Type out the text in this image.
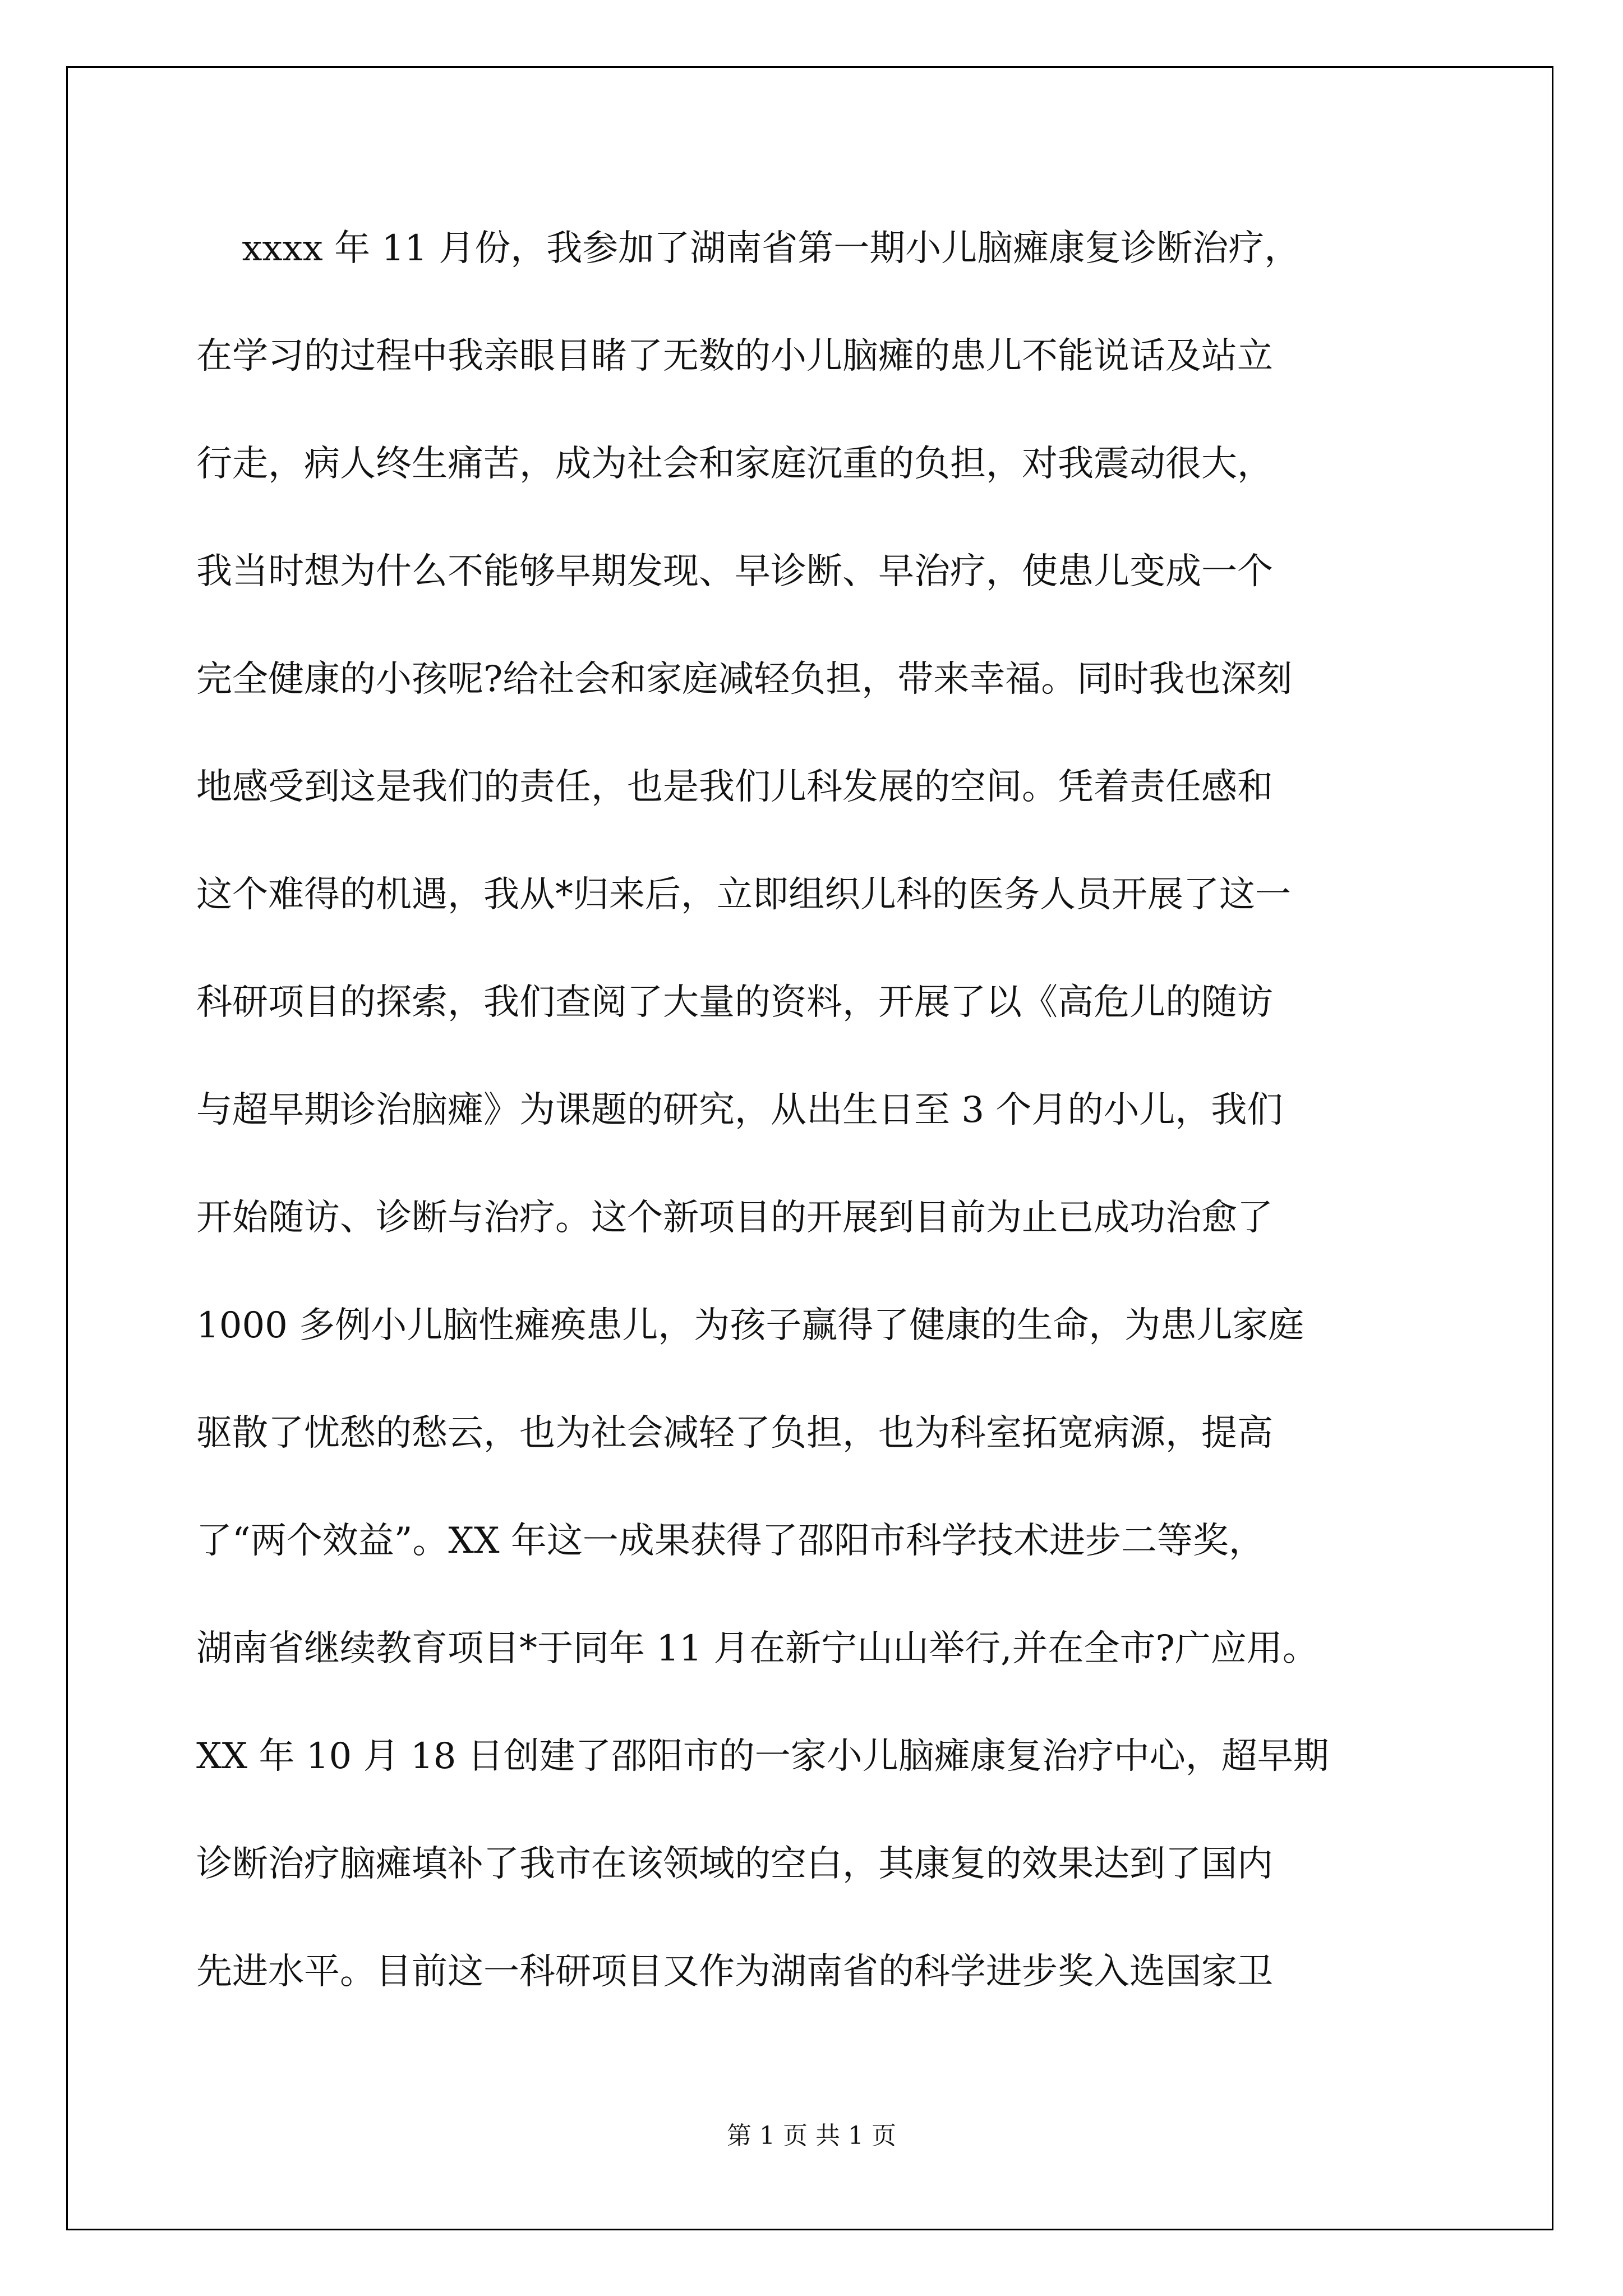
xxxx 年 11 月份，我参加了湖南省第一期小儿脑瘫康复诊断治疗，
在学习的过程中我亲眼目睹了无数的小儿脑瘫的患儿不能说话及站立
行走，病人终生痛苦，成为社会和家庭沉重的负担，对我震动很大，
我当时想为什么不能够早期发现、早诊断、早治疗，使患儿变成一个
完全健康的小孩呢?给社会和家庭减轻负担，带来幸福。同时我也深刻
地感受到这是我们的责任，也是我们儿科发展的空间。凭着责任感和
这个难得的机遇，我从*归来后，立即组织儿科的医务人员开展了这一
科研项目的探索，我们查阅了大量的资料，开展了以《高危儿的随访
与超早期诊治脑瘫》为课题的研究，从出生日至 3 个月的小儿，我们
开始随访、诊断与治疗。这个新项目的开展到目前为止已成功治愈了
1000 多例小儿脑性瘫痪患儿，为孩子赢得了健康的生命，为患儿家庭
驱散了忧愁的愁云，也为社会减轻了负担，也为科室拓宽病源，提高
了“两个效益”。XX 年这一成果获得了邵阳市科学技术进步二等奖，
湖南省继续教育项目*于同年 11 月在新宁山山举行,并在全市?广应用。
XX 年 10 月 18 日创建了邵阳市的一家小儿脑瘫康复治疗中心，超早期
诊断治疗脑瘫填补了我市在该领域的空白，其康复的效果达到了国内
先进水平。目前这一科研项目又作为湖南省的科学进步奖入选国家卫
第 1 页 共 1 页
